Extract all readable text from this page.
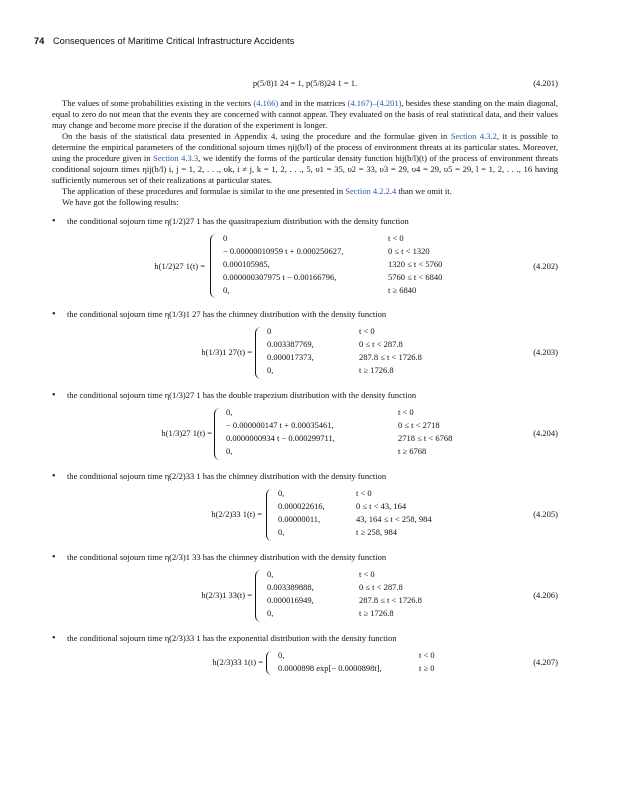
74 Consequences of Maritime Critical Infrastructure Accidents
p(5/8)1 24 = 1, p(5/8)24 1 = 1.	(4.201)

The values of some probabilities existing in the vectors (4.166) and in the matrices (4.167)–(4.201), besides these standing on the main diagonal, equal to zero do not mean that the events they are concerned with cannot appear. They evaluated on the basis of real statistical data, and their values may change and become more precise if the duration of the experiment is longer.

On the basis of the statistical data presented in Appendix 4, using the procedure and the formulae given in Section 4.3.2, it is possible to determine the empirical parameters of the conditional sojourn times ηij(b/l) of the process of environment threats at its particular states. Moreover, using the procedure given in Section 4.3.3, we identify the forms of the particular density function hij(b/l)(t) of the process of environment threats conditional sojourn times ηij(b/l) i, j = 1, 2, . . ., υk, i ≠ j, k = 1, 2, . . ., 5, υ1 = 35, υ2 = 33, υ3 = 29, υ4 = 29, υ5 = 29, l = 1, 2, . . ., 16 having sufficiently numerous set of their realizations at particular states.

The application of these procedures and formulae is similar to the one presented in Section 4.2.2.4 than we omit it.

We have got the following results:

• the conditional sojourn time η(1/2)27 1 has the quasitrapezium distribution with the density function
h(1/2)27 1(t) =
0
− 0.00000010959 t + 0.000250627,
0.000105985,
0.000000307975 t − 0.00166796,
0,
t < 0
0 ≤ t < 1320
1320 ≤ t < 5760
5760 ≤ t < 6840
t ≥ 6840
(4.202)
• the conditional sojourn time η(1/3)1 27 has the chimney distribution with the density function
h(1/3)1 27(t) =
0
0.003387769,
0.000017373,
0,
t < 0
0 ≤ t < 287.8
287.8 ≤ t < 1726.8
t ≥ 1726.8
(4.203)
• the conditional sojourn time η(1/3)27 1 has the double trapezium distribution with the density function
h(1/3)27 1(t) =
0,
− 0.000000147 t + 0.00035461,
0.0000000934 t − 0.000299711,
0,
t < 0
0 ≤ t < 2718
2718 ≤ t < 6768
t ≥ 6768
(4.204)
• the conditional sojourn time η(2/2)33 1 has the chimney distribution with the density function
h(2/2)33 1(t) =
0,
0.000022616,
0.00000011,
0,
t < 0
0 ≤ t < 43, 164
43, 164 ≤ t < 258, 984
t ≥ 258, 984
(4.205)
• the conditional sojourn time η(2/3)1 33 has the chimney distribution with the density function
h(2/3)1 33(t) =
0,
0.003389888,
0.000016949,
0,
t < 0
0 ≤ t < 287.8
287.8 ≤ t < 1726.8
t ≥ 1726.8
(4.206)
• the conditional sojourn time η(2/3)33 1 has the exponential distribution with the density function
h(2/3)33 1(t) =
0,
0.0000898 exp[− 0.0000898t],
t < 0
t ≥ 0
(4.207)
